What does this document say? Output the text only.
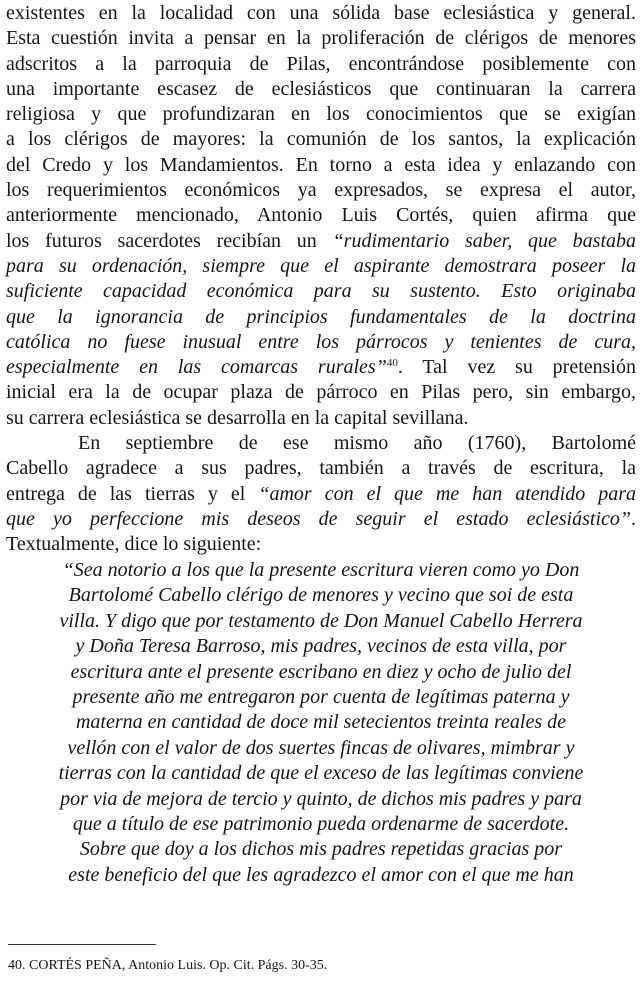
existentes en la localidad con una sólida base eclesiástica y general.
Esta cuestión invita a pensar en la proliferación de clérigos de menores
adscritos a la parroquia de Pilas, encontrándose posiblemente con
una importante escasez de eclesiásticos que continuaran la carrera
religiosa y que profundizaran en los conocimientos que se exigían
a los clérigos de mayores: la comunión de los santos, la explicación
del Credo y los Mandamientos. En torno a esta idea y enlazando con
los requerimientos económicos ya expresados, se expresa el autor,
anteriormente mencionado, Antonio Luis Cortés, quien afirma que
los futuros sacerdotes recibían un “rudimentario saber, que bastaba
para su ordenación, siempre que el aspirante demostrara poseer la
suficiente capacidad económica para su sustento. Esto originaba
que la ignorancia de principios fundamentales de la doctrina
católica no fuese inusual entre los párrocos y tenientes de cura,
especialmente en las comarcas rurales”$^{40}$. Tal vez su pretensión
inicial era la de ocupar plaza de párroco en Pilas pero, sin embargo,
su carrera eclesiástica se desarrolla en la capital sevillana.
En septiembre de ese mismo año (1760), Bartolomé
Cabello agradece a sus padres, también a través de escritura, la
entrega de las tierras y el “amor con el que me han atendido para
que yo perfeccione mis deseos de seguir el estado eclesiástico”.
Textualmente, dice lo siguiente:
“Sea notorio a los que la presente escritura vieren como yo Don
Bartolomé Cabello clérigo de menores y vecino que soi de esta
villa. Y digo que por testamento de Don Manuel Cabello Herrera
y Doña Teresa Barroso, mis padres, vecinos de esta villa, por
escritura ante el presente escribano en diez y ocho de julio del
presente año me entregaron por cuenta de legítimas paterna y
materna en cantidad de doce mil setecientos treinta reales de
vellón con el valor de dos suertes fincas de olivares, mimbrar y
tierras con la cantidad de que el exceso de las legítimas conviene
por via de mejora de tercio y quinto, de dichos mis padres y para
que a título de ese patrimonio pueda ordenarme de sacerdote.
Sobre que doy a los dichos mis padres repetidas gracias por
este beneficio del que les agradezco el amor con el que me han
40. CORTÉS PEÑA, Antonio Luis. Op. Cit. Págs. 30-35.
